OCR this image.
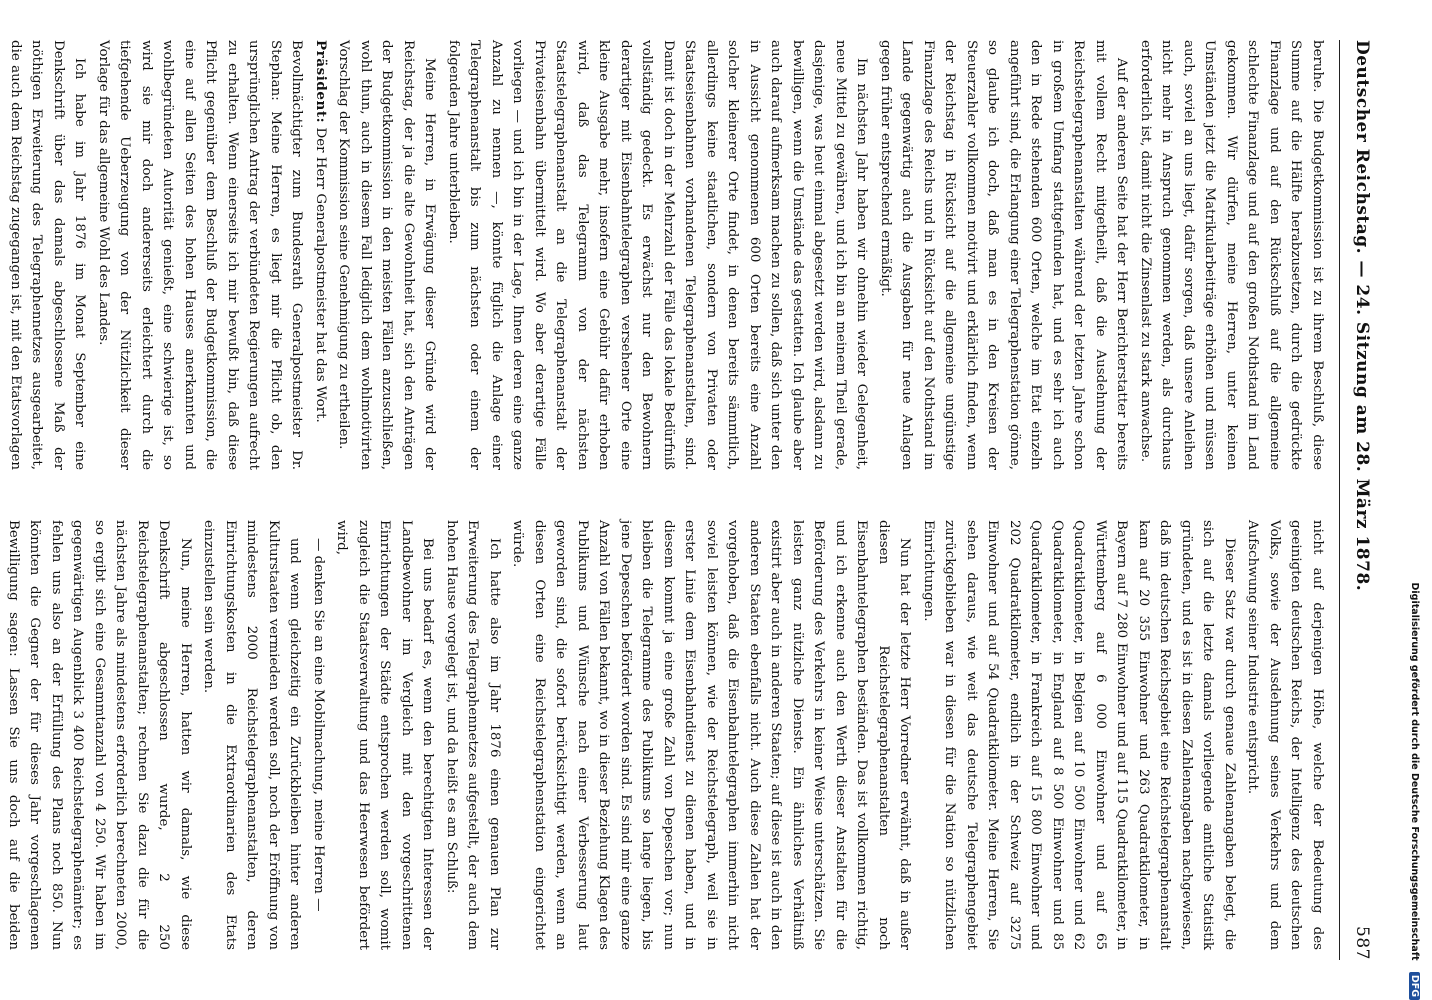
Deutscher Reichstag. — 24. Sitzung am 28. März 1878.
587

beruhe. Die Budgetkommission ist zu ihrem Beschluß, diese Summe auf die Hälfte herabzusetzen, durch die gedrückte Finanzlage und auf den Rückschluß auf die allgemeine schlechte Finanzlage und auf den großen Nothstand im Land gekommen. Wir dürfen, meine Herren, unter keinen Umständen jetzt die Matrikularbeiträge erhöhen und müssen auch, soviel an uns liegt, dafür sorgen, daß unsere Anleihen nicht mehr in Anspruch genommen werden, als durchaus erforderlich ist, damit nicht die Zinsenlast zu stark anwachse.

Auf der anderen Seite hat der Herr Berichterstatter bereits mit vollem Recht mitgetheilt, daß die Ausdehnung der Reichstelegraphenanstalten während der letzten Jahre schon in großem Umfang stattgefunden hat, und es sehr ich auch den in Rede stehenden 600 Orten, welche im Etat einzeln angeführt sind, die Erlangung einer Telegraphenstation gönne, so glaube ich doch, daß man es in den Kreisen der Steuerzahler vollkommen motivirt und erklärlich finden, wenn der Reichstag in Rücksicht auf die allgemeine ungünstige Finanzlage des Reichs und in Rücksicht auf den Nothstand im Lande gegenwärtig auch die Ausgaben für neue Anlagen gegen früher entsprechend ermäßigt.

Im nächsten Jahr haben wir ohnehin wieder Gelegenheit, neue Mittel zu gewähren, und ich bin an meinem Theil gerade, dasjenige, was heut einmal abgesetzt werden wird, alsdann zu bewilligen, wenn die Umstände das gestatten. Ich glaube aber auch darauf aufmerksam machen zu sollen, daß sich unter den in Aussicht genommenen 600 Orten bereits eine Anzahl solcher kleinerer Orte findet, in denen bereits sämmtlich, allerdings keine staatlichen, sondern von Privaten oder Staatseisenbahnen vorhandenen Telegraphenanstalten, sind. Damit ist doch in der Mehrzahl der Fälle das lokale Bedürfniß vollständig gedeckt. Es erwächst nur den Bewohnern derartiger mit Eisenbahntelegraphen versehener Orte eine kleine Ausgabe mehr, insofern eine Gebühr dafür erhoben wird, daß das Telegramm von der nächsten Staatstelegraphenanstalt an die Telegraphenanstalt der Privateisenbahn übermittelt wird. Wo aber derartige Fälle vorliegen — und ich bin in der Lage, Ihnen deren eine ganze Anzahl zu nennen —, könnte füglich die Anlage einer Telegraphenanstalt bis zum nächsten oder einem der folgenden Jahre unterbleiben.

Meine Herren, in Erwägung dieser Gründe wird der Reichstag, der ja die alte Gewohnheit hat, sich den Anträgen der Budgetkommission in den meisten Fällen anzuschließen, wohl thun, auch in diesem Fall lediglich dem wohlmotivirten Vorschlag der Kommission seine Genehmigung zu ertheilen.

Präsident: Der Herr Generalpostmeister hat das Wort.

Bevollmächtigter zum Bundesrath Generalpostmeister Dr. Stephan: Meine Herren, es liegt mir die Pflicht ob, den ursprünglichen Antrag der verbündeten Regierungen aufrecht zu erhalten. Wenn einerseits ich mir bewußt bin, daß diese Pflicht gegenüber dem Beschluß der Budgetkommission, die eine auf allen Seiten des hohen Hauses anerkannten und wohlbegründeten Autorität genießt, eine schwierige ist, so wird sie mir doch andererseits erleichtert durch die tiefgehende Ueberzeugung von der Nützlichkeit dieser Vorlage für das allgemeine Wohl des Landes.

Ich habe im Jahr 1876 im Monat September eine Denkschrift über das damals abgeschlossene Maß der nöthigen Erweiterung des Telegraphennetzes ausgearbeitet, die auch dem Reichstag zugegangen ist, mit den Etatsvorlagen

nicht auf derjenigen Höhe, welche der Bedeutung des geeinigten deutschen Reichs, der Intelligenz des deutschen Volks, sowie der Ausdehnung seines Verkehrs und dem Aufschwung seiner Industrie entspricht.

Dieser Satz war durch genaue Zahlenangaben belegt, die sich auf die letzte damals vorliegende amtliche Statistik gründeten, und es ist in diesen Zahlenangaben nachgewiesen, daß im deutschen Reichsgebiet eine Reichstelegraphenanstalt kam auf 20 355 Einwohner und 263 Quadratkilometer, in Bayern auf 7 280 Einwohner und auf 115 Quadratkilometer, in Württemberg auf 6 000 Einwohner und auf 65 Quadratkilometer, in Belgien auf 10 500 Einwohner und 62 Quadratkilometer, in England auf 8 500 Einwohner und 85 Quadratkilometer, in Frankreich auf 15 800 Einwohner und 202 Quadratkilometer, endlich in der Schweiz auf 3275 Einwohner und auf 54 Quadratkilometer. Meine Herren, Sie sehen daraus, wie weit das deutsche Telegraphengebiet zurückgeblieben war in diesen für die Nation so nützlichen Einrichtungen.

Nun hat der letzte Herr Vorredner erwähnt, daß in außer diesen Reichstelegraphenanstalten noch Eisenbahntelegraphen beständen. Das ist vollkommen richtig, und ich erkenne auch den Werth dieser Anstalten für die Beförderung des Verkehrs in keiner Weise unterschätzen. Sie leisten ganz nützliche Dienste. Ein ähnliches Verhältniß existirt aber auch in anderen Staaten; auf diese ist auch in den anderen Staaten ebenfalls nicht. Auch diese Zahlen hat der vorgehoben, daß die Eisenbahntelegraphen immerhin nicht soviel leisten können, wie der Reichstelegraph, weil sie in erster Linie dem Eisenbahndienst zu dienen haben, und in diesem kommt ja eine große Zahl von Depeschen vor; nun bleiben die Telegramme des Publikums so lange liegen, bis jene Depeschen befördert worden sind. Es sind mir eine ganze Anzahl von Fällen bekannt, wo in dieser Beziehung Klagen des Publikums und Wünsche nach einer Verbesserung laut geworden sind, die sofort berücksichtigt werden, wenn an diesen Orten eine Reichstelegraphenstation eingerichtet würde.

Ich hatte also im Jahr 1876 einen genauen Plan zur Erweiterung des Telegraphennetzes aufgestellt, der auch dem hohen Hause vorgelegt ist, und da heißt es am Schluß:

Bei uns bedarf es, wenn den berechtigten Interessen der Landbewohner im Vergleich mit den vorgeschrittenen Einrichtungen der Städte entsprochen werden soll, womit zugleich die Staatsverwaltung und das Heerwesen befördert wird,

— denken Sie an eine Mobilmachung, meine Herren —

und wenn gleichzeitig ein Zurückbleiben hinter anderen Kulturstaaten vermieden werden soll, noch der Eröffnung von mindestens 2000 Reichstelegraphenanstalten, deren Einrichtungskosten in die Extraordinarien des Etats einzustellen sein werden.

Nun, meine Herren, hatten wir damals, wie diese Denkschrift abgeschlossen wurde, 2 250 Reichstelegraphenanstalten; rechnen Sie dazu die für die nächsten Jahre als mindestens erforderlich berechneten 2000, so ergibt sich eine Gesammtanzahl von 4 250. Wir haben im gegenwärtigen Augenblick 3 400 Reichstelegraphenämter; es fehlen uns also an der Erfüllung des Plans noch 850. Nun könnten die Gegner der für dieses Jahr vorgeschlagenen Bewilligung sagen: Lassen Sie uns doch auf die beiden	Digitalisierung gefördert durch die Deutsche Forschungsgemeinschaft DFG
